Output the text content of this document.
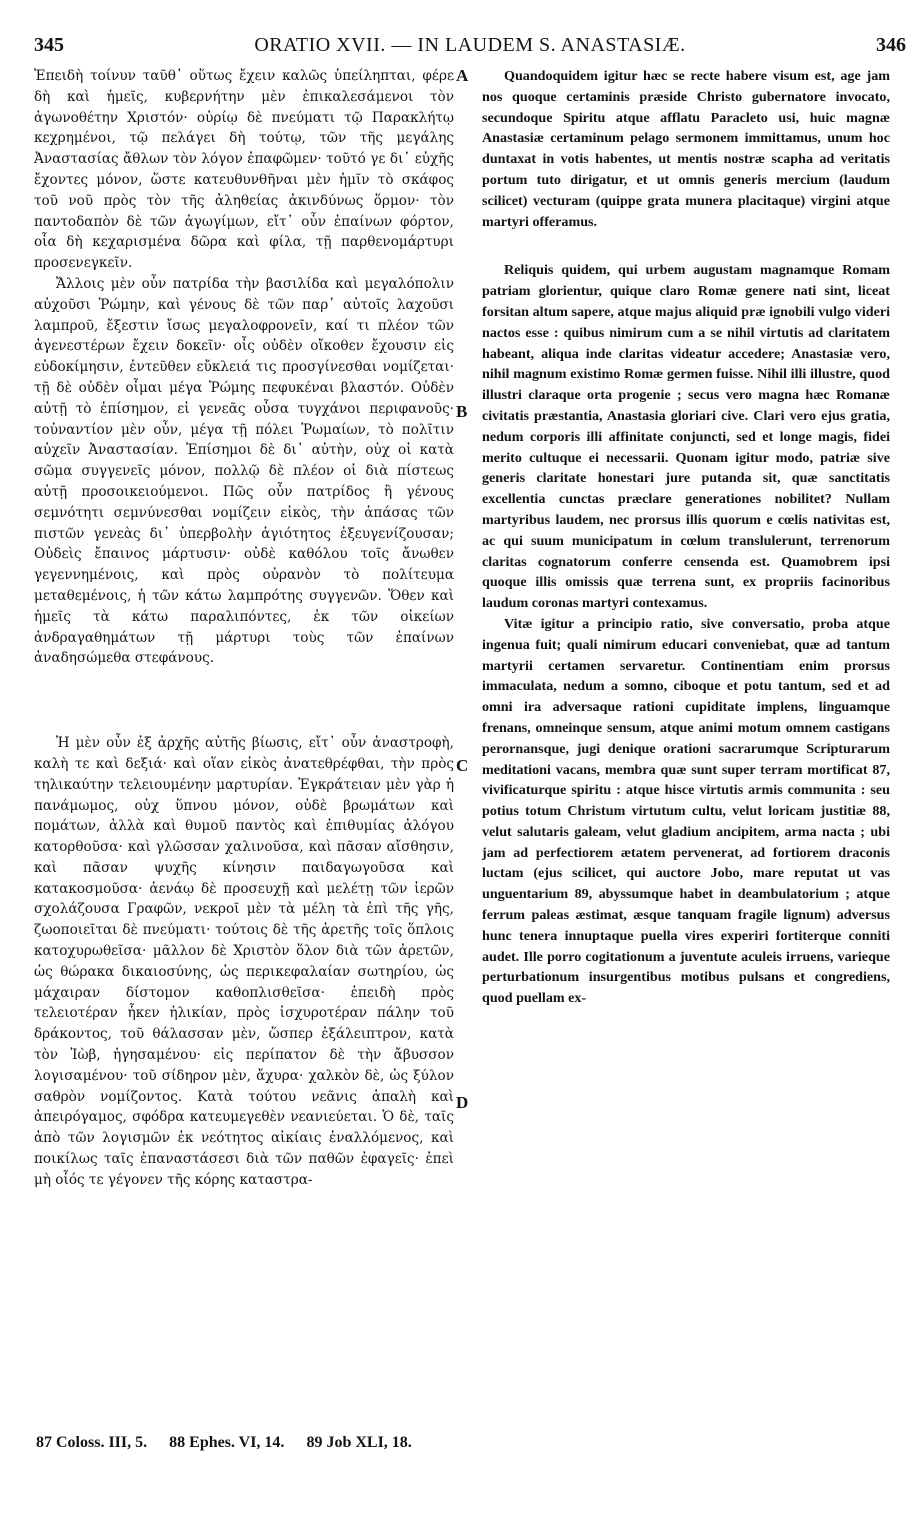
345	ORATIO XVII. — IN LAUDEM S. ANASTASIÆ.	346

Ἐπειδὴ τοίνυν ταῦθ᾽ οὕτως ἔχειν καλῶς ὑπείληπται, φέρε δὴ καὶ ἡμεῖς, κυβερνήτην μὲν ἐπικαλεσάμενοι τὸν ἀγωνοθέτην Χριστόν· οὐρίῳ δὲ πνεύματι τῷ Παρακλήτῳ κεχρημένοι, τῷ πελάγει δὴ τούτῳ, τῶν τῆς μεγάλης Ἀναστασίας ἄθλων τὸν λόγον ἐπαφῶμεν· τοῦτό γε δι᾽ εὐχῆς ἔχοντες μόνον, ὥστε κατευθυνθῆναι μὲν ἡμῖν τὸ σκάφος τοῦ νοῦ πρὸς τὸν τῆς ἀληθείας ἀκινδύνως ὅρμον· τὸν παντοδαπὸν δὲ τῶν ἀγωγίμων, εἴτ᾽ οὖν ἐπαίνων φόρτον, οἷα δὴ κεχαρισμένα δῶρα καὶ φίλα, τῇ παρθενομάρτυρι προσενεγκεῖν.

Ἄλλοις μὲν οὖν πατρίδα τὴν βασιλίδα καὶ μεγαλόπολιν αὐχοῦσι Ῥώμην, καὶ γένους δὲ τῶν παρ᾽ αὐτοῖς λαχοῦσι λαμπροῦ, ἔξεστιν ἴσως μεγαλοφρονεῖν, καί τι πλέον τῶν ἀγενεστέρων ἔχειν δοκεῖν· οἷς οὐδὲν οἴκοθεν ἔχουσιν εἰς εὐδοκίμησιν, ἐντεῦθεν εὔκλειά τις προσγίνεσθαι νομίζεται· τῇ δὲ οὐδὲν οἶμαι μέγα Ῥώμης πεφυκέναι βλαστόν. Οὐδὲν αὐτῇ τὸ ἐπίσημον, εἰ γενεᾶς οὖσα τυγχάνοι περιφανοῦς· τοὐναντίον μὲν οὖν, μέγα τῇ πόλει Ῥωμαίων, τὸ πολῖτιν αὐχεῖν Ἀναστασίαν. Ἐπίσημοι δὲ δι᾽ αὐτὴν, οὐχ οἱ κατὰ σῶμα συγγενεῖς μόνον, πολλῷ δὲ πλέον οἱ διὰ πίστεως αὐτῇ προσοικειούμενοι. Πῶς οὖν πατρίδος ἢ γένους σεμνότητι σεμνύνεσθαι νομίζειν εἰκὸς, τὴν ἁπάσας τῶν πιστῶν γενεὰς δι᾽ ὑπερβολὴν ἁγιότητος ἐξευγενίζουσαν; Οὐδεὶς ἔπαινος μάρτυσιν· οὐδὲ καθόλου τοῖς ἄνωθεν γεγεννημένοις, καὶ πρὸς οὐρανὸν τὸ πολίτευμα μεταθεμένοις, ἡ τῶν κάτω λαμπρότης συγγενῶν. Ὅθεν καὶ ἡμεῖς τὰ κάτω παραλιπόντες, ἐκ τῶν οἰκείων ἀνδραγαθημάτων τῇ μάρτυρι τοὺς τῶν ἐπαίνων ἀναδησώμεθα στεφάνους.

Ἡ μὲν οὖν ἐξ ἀρχῆς αὐτῆς βίωσις, εἴτ᾽ οὖν ἀναστροφὴ, καλὴ τε καὶ δεξιά· καὶ οἵαν εἰκὸς ἀνατεθρέφθαι, τὴν πρὸς τηλικαύτην τελειουμένην μαρτυρίαν. Ἐγκράτειαν μὲν γὰρ ἡ πανάμωμος, οὐχ ὕπνου μόνον, οὐδὲ βρωμάτων καὶ πομάτων, ἀλλὰ καὶ θυμοῦ παντὸς καὶ ἐπιθυμίας ἀλόγου κατορθοῦσα· καὶ γλῶσσαν χαλινοῦσα, καὶ πᾶσαν αἴσθησιν, καὶ πᾶσαν ψυχῆς κίνησιν παιδαγωγοῦσα καὶ κατακοσμοῦσα· ἀενάῳ δὲ προσευχῇ καὶ μελέτῃ τῶν ἱερῶν σχολάζουσα Γραφῶν, νεκροῖ μὲν τὰ μέλη τὰ ἐπὶ τῆς γῆς, ζωοποιεῖται δὲ πνεύματι· τούτοις δὲ τῆς ἀρετῆς τοῖς ὅπλοις κατοχυρωθεῖσα· μᾶλλον δὲ Χριστὸν ὅλον διὰ τῶν ἀρετῶν, ὡς θώρακα δικαιοσύνης, ὡς περικεφαλαίαν σωτηρίου, ὡς μάχαιραν δίστομον καθοπλισθεῖσα· ἐπειδὴ πρὸς τελειοτέραν ἧκεν ἡλικίαν, πρὸς ἰσχυροτέραν πάλην τοῦ δράκοντος, τοῦ θάλασσαν μὲν, ὥσπερ ἐξάλειπτρον, κατὰ τὸν Ἰὼβ, ἡγησαμένου· εἰς περίπατον δὲ τὴν ἄβυσσον λογισαμένου· τοῦ σίδηρον μὲν, ἄχυρα· χαλκὸν δὲ, ὡς ξύλον σαθρὸν νομίζοντος. Κατὰ τούτου νεᾶνις ἁπαλὴ καὶ ἀπειρόγαμος, σφόδρα κατευμεγεθὲν νεανιεύεται. Ὁ δὲ, ταῖς ἀπὸ τῶν λογισμῶν ἐκ νεότητος αἰκίαις ἐναλλόμενος, καὶ ποικίλως ταῖς ἐπαναστάσεσι διὰ τῶν παθῶν ἐφαγεῖς· ἐπεὶ μὴ οἷός τε γέγονεν τῆς κόρης καταστρα-

Quandoquidem igitur hæc se recte habere visum est, age jam nos quoque certaminis præside Christo gubernatore invocato, secundoque Spiritu atque afflatu Paracleto usi, huic magnæ Anastasiæ certaminum pelago sermonem immittamus, unum hoc duntaxat in votis habentes, ut mentis nostræ scapha ad veritatis portum tuto dirigatur, et ut omnis generis mercium (laudum scilicet) vecturam (quippe grata munera placitaque) virgini atque martyri offeramus.

Reliquis quidem, qui urbem augustam magnamque Romam patriam glorientur, quique claro Romæ genere nati sint, liceat forsitan altum sapere, atque majus aliquid præ ignobili vulgo videri nactos esse : quibus nimirum cum a se nihil virtutis ad claritatem habeant, aliqua inde claritas videatur accedere; Anastasiæ vero, nihil magnum existimo Romæ germen fuisse. Nihil illi illustre, quod illustri claraque orta progenie ; secus vero magna hæc Romanæ civitatis præstantia, Anastasia gloriari cive. Clari vero ejus gratia, nedum corporis illi affinitate conjuncti, sed et longe magis, fidei merito cultuque ei necessarii. Quonam igitur modo, patriæ sive generis claritate honestari jure putanda sit, quæ sanctitatis excellentia cunctas præclare generationes nobilitet? Nullam martyribus laudem, nec prorsus illis quorum e cœlis nativitas est, ac qui suum municipatum in cœlum translulerunt, terrenorum claritas cognatorum conferre censenda est. Quamobrem ipsi quoque illis omissis quæ terrena sunt, ex propriis facinoribus laudum coronas martyri contexamus.

Vitæ igitur a principio ratio, sive conversatio, proba atque ingenua fuit; quali nimirum educari conveniebat, quæ ad tantum martyrii certamen servaretur. Continentiam enim prorsus immaculata, nedum a somno, ciboque et potu tantum, sed et ad omni ira adversaque rationi cupiditate implens, linguamque frenans, omneinque sensum, atque animi motum omnem castigans perornansque, jugi denique orationi sacrarumque Scripturarum meditationi vacans, membra quæ sunt super terram mortificat 87, vivificaturque spiritu : atque hisce virtutis armis communita : seu potius totum Christum virtutum cultu, velut loricam justitiæ 88, velut salutaris galeam, velut gladium ancipitem, arma nacta ; ubi jam ad perfectiorem ætatem pervenerat, ad fortiorem draconis luctam (ejus scilicet, qui auctore Jobo, mare reputat ut vas unguentarium 89, abyssumque habet in deambulatorium ; atque ferrum paleas æstimat, æsque tanquam fragile lignum) adversus hunc tenera innuptaque puella vires experiri fortiterque conniti audet. Ille porro cogitationum a juventute aculeis irruens, varieque perturbationum insurgentibus motibus pulsans et congrediens, quod puellam ex-

A
B
C
D
87 Coloss. III, 5. 88 Ephes. VI, 14. 89 Job XLI, 18.
